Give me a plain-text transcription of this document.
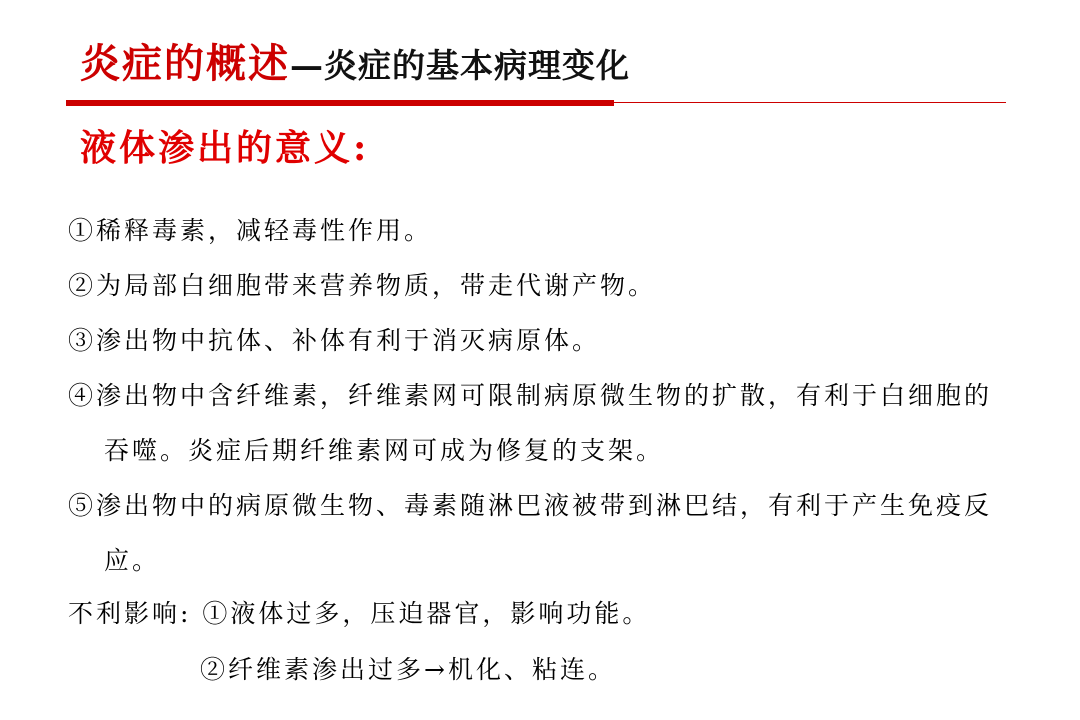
炎症的概述—炎症的基本病理变化
液体渗出的意义:
①稀释毒素，减轻毒性作用。
②为局部白细胞带来营养物质，带走代谢产物。
③渗出物中抗体、补体有利于消灭病原体。
④渗出物中含纤维素，纤维素网可限制病原微生物的扩散，有利于白细胞的吞噬。炎症后期纤维素网可成为修复的支架。
⑤渗出物中的病原微生物、毒素随淋巴液被带到淋巴结，有利于产生免疫反应。
不利影响: ①液体过多，压迫器官，影响功能。
②纤维素渗出过多→机化、粘连。
